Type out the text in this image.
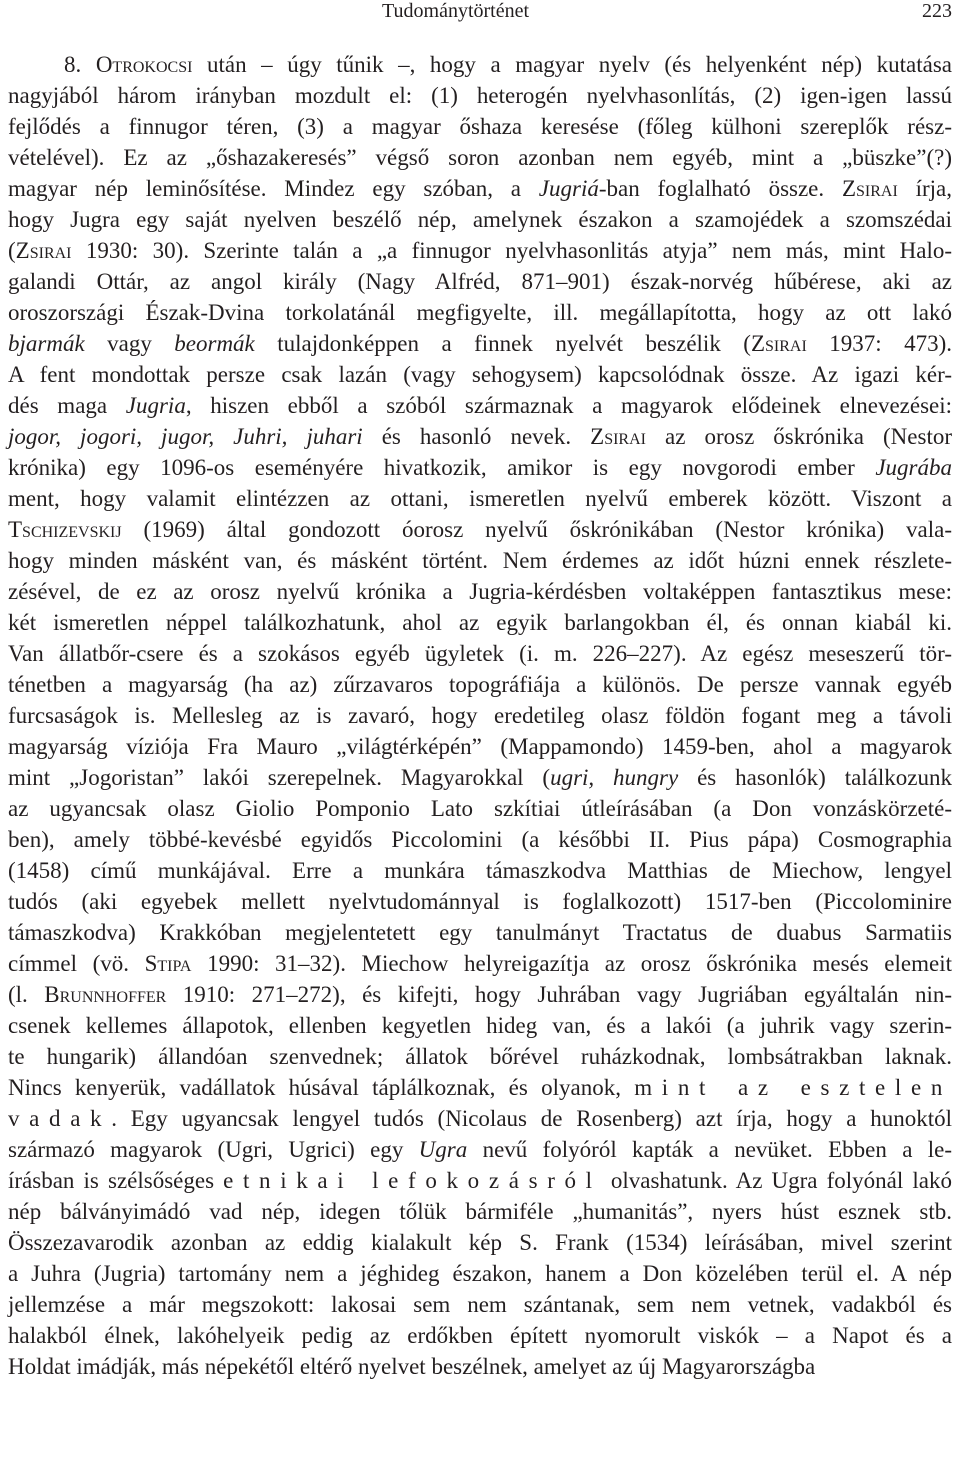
Tudománytörténet	223
8. Otrokocsi után – úgy tűnik –, hogy a magyar nyelv (és helyenként nép) kutatása
nagyjából három irányban mozdult el: (1) heterogén nyelvhasonlítás, (2) igen-igen lassú
fejlődés a finnugor téren, (3) a magyar őshaza keresése (főleg külhoni szereplők rész-
vételével). Ez az „őshazakeresés” végső soron azonban nem egyéb, mint a „büszke”(?)
magyar nép leminősítése. Mindez egy szóban, a Jugriá-ban foglalható össze. Zsirai írja,
hogy Jugra egy saját nyelven beszélő nép, amelynek északon a szamojédek a szomszédai
(Zsirai 1930: 30). Szerinte talán a „a finnugor nyelvhasonlitás atyja” nem más, mint Halo-
galandi Ottár, az angol király (Nagy Alfréd, 871–901) észak-norvég hűbérese, aki az
oroszországi Észak-Dvina torkolatánál megfigyelte, ill. megállapította, hogy az ott lakó
bjarmák vagy beormák tulajdonképpen a finnek nyelvét beszélik (Zsirai 1937: 473).
A fent mondottak persze csak lazán (vagy sehogysem) kapcsolódnak össze. Az igazi kér-
dés maga Jugria, hiszen ebből a szóból származnak a magyarok elődeinek elnevezései:
jogor, jogori, jugor, Juhri, juhari és hasonló nevek. Zsirai az orosz őskrónika (Nestor
krónika) egy 1096-os eseményére hivatkozik, amikor is egy novgorodi ember Jugrába
ment, hogy valamit elintézzen az ottani, ismeretlen nyelvű emberek között. Viszont a
Tschizevskij (1969) által gondozott óorosz nyelvű őskrónikában (Nestor krónika) vala-
hogy minden másként van, és másként történt. Nem érdemes az időt húzni ennek részlete-
zésével, de ez az orosz nyelvű krónika a Jugria-kérdésben voltaképpen fantasztikus mese:
két ismeretlen néppel találkozhatunk, ahol az egyik barlangokban él, és onnan kiabál ki.
Van állatbőr-csere és a szokásos egyéb ügyletek (i. m. 226–227). Az egész meseszerű tör-
ténetben a magyarság (ha az) zűrzavaros topográfiája a különös. De persze vannak egyéb
furcsaságok is. Mellesleg az is zavaró, hogy eredetileg olasz földön fogant meg a távoli
magyarság víziója Fra Mauro „világtérképén” (Mappamondo) 1459-ben, ahol a magyarok
mint „Jogoristan” lakói szerepelnek. Magyarokkal (ugri, hungry és hasonlók) találkozunk
az ugyancsak olasz Giolio Pomponio Lato szkítiai útleírásában (a Don vonzáskörzeté-
ben), amely többé-kevésbé egyidős Piccolomini (a későbbi II. Pius pápa) Cosmographia
(1458) című munkájával. Erre a munkára támaszkodva Matthias de Miechow, lengyel
tudós (aki egyebek mellett nyelvtudománnyal is foglalkozott) 1517-ben (Piccolominire
támaszkodva) Krakkóban megjelentetett egy tanulmányt Tractatus de duabus Sarmatiis
címmel (vö. Stipa 1990: 31–32). Miechow helyreigazítja az orosz őskrónika mesés elemeit
(l. Brunnhoffer 1910: 271–272), és kifejti, hogy Juhrában vagy Jugriában egyáltalán nin-
csenek kellemes állapotok, ellenben kegyetlen hideg van, és a lakói (a juhrik vagy szerin-
te hungarik) állandóan szenvednek; állatok bőrével ruházkodnak, lombsátrakban laknak.
Nincs kenyerük, vadállatok húsával táplálkoznak, és olyanok, mint az esztelen
vadak. Egy ugyancsak lengyel tudós (Nicolaus de Rosenberg) azt írja, hogy a hunoktól
származó magyarok (Ugri, Ugrici) egy Ugra nevű folyóról kapták a nevüket. Ebben a le-
írásban is szélsőséges etnikai lefokozásról olvashatunk. Az Ugra folyónál lakó
nép bálványimádó vad nép, idegen tőlük bármiféle „humanitás”, nyers húst esznek stb.
Összezavarodik azonban az eddig kialakult kép S. Frank (1534) leírásában, mivel szerint
a Juhra (Jugria) tartomány nem a jéghideg északon, hanem a Don közelében terül el. A nép
jellemzése a már megszokott: lakosai sem nem szántanak, sem nem vetnek, vadakból és
halakból élnek, lakóhelyeik pedig az erdőkben épített nyomorult viskók – a Napot és a
Holdat imádják, más népekétől eltérő nyelvet beszélnek, amelyet az új Magyarországba
